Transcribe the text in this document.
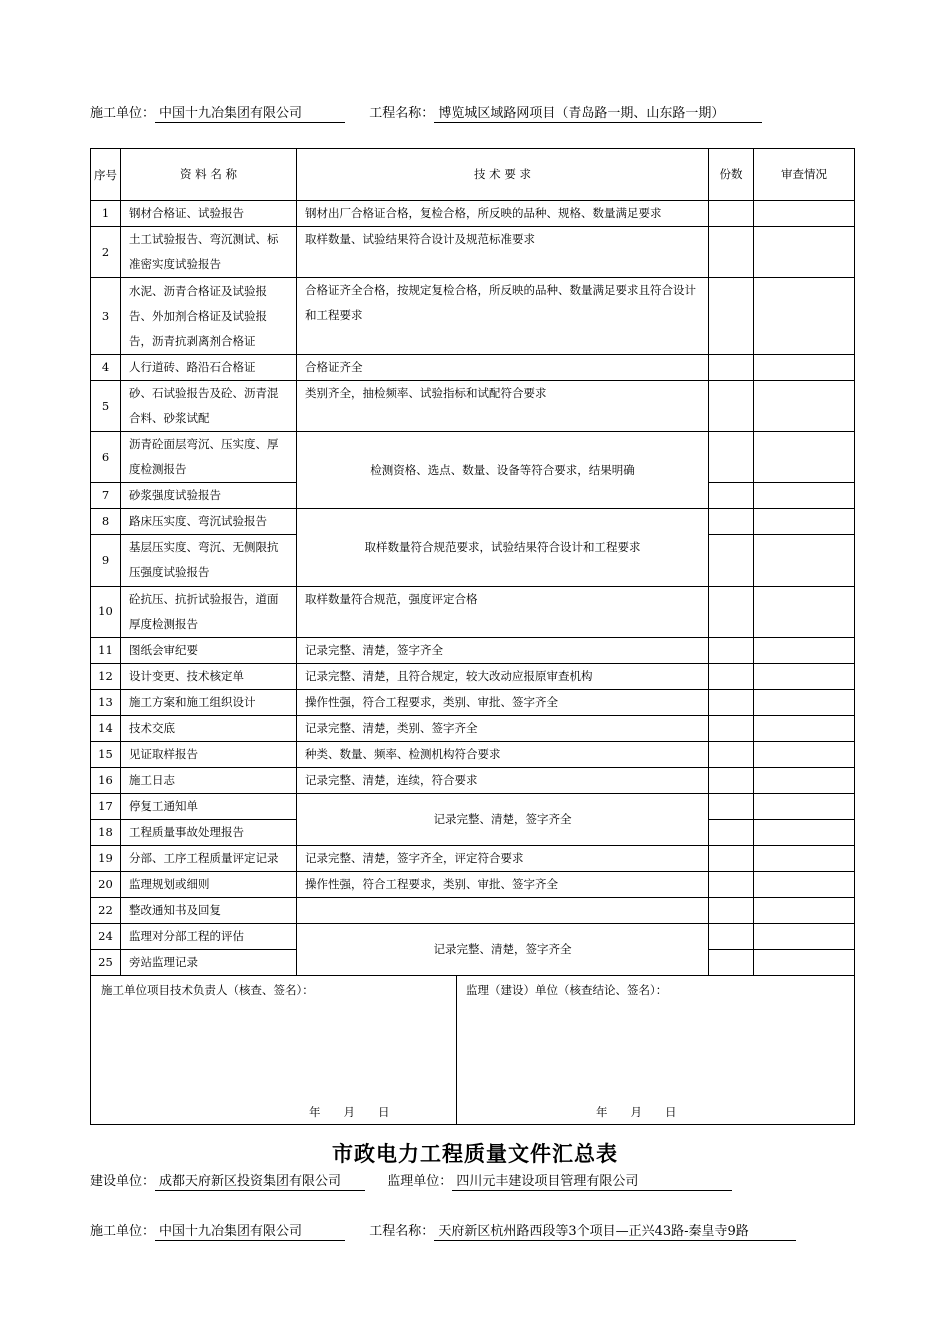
施工单位： 中国十九冶集团有限公司	工程名称： 博览城区域路网项目（青岛路一期、山东路一期）
序号	资 料 名 称	技 术 要 求	份数	审查情况
1	钢材合格证、试验报告	钢材出厂合格证合格，复检合格，所反映的品种、规格、数量满足要求		
2	土工试验报告、弯沉测试、标准密实度试验报告	取样数量、试验结果符合设计及规范标准要求		
3	水泥、沥青合格证及试验报告、外加剂合格证及试验报告，沥青抗剥离剂合格证	合格证齐全合格，按规定复检合格，所反映的品种、数量满足要求且符合设计和工程要求		
4	人行道砖、路沿石合格证	合格证齐全		
5	砂、石试验报告及砼、沥青混合料、砂浆试配	类别齐全，抽检频率、试验指标和试配符合要求		
6	沥青砼面层弯沉、压实度、厚度检测报告	检测资格、选点、数量、设备等符合要求，结果明确		
7	砂浆强度试验报告			
8	路床压实度、弯沉试验报告	取样数量符合规范要求，试验结果符合设计和工程要求		
9	基层压实度、弯沉、无侧限抗压强度试验报告			
10	砼抗压、抗折试验报告，道面厚度检测报告	取样数量符合规范，强度评定合格		
11	图纸会审纪要	记录完整、清楚，签字齐全		
12	设计变更、技术核定单	记录完整、清楚，且符合规定，较大改动应报原审查机构		
13	施工方案和施工组织设计	操作性强，符合工程要求，类别、审批、签字齐全		
14	技术交底	记录完整、清楚，类别、签字齐全		
15	见证取样报告	种类、数量、频率、检测机构符合要求		
16	施工日志	记录完整、清楚，连续，符合要求		
17	停复工通知单	记录完整、清楚，签字齐全		
18	工程质量事故处理报告			
19	分部、工序工程质量评定记录	记录完整、清楚，签字齐全，评定符合要求		
20	监理规划或细则	操作性强，符合工程要求，类别、审批、签字齐全		
22	整改通知书及回复			
24	监理对分部工程的评估	记录完整、清楚，签字齐全		
25	旁站监理记录			

施工单位项目技术负责人（核查、签名）：
年　　月　　日
监理（建设）单位（核查结论、签名）：
年　　月　　日				

市政电力工程质量文件汇总表
建设单位： 成都天府新区投资集团有限公司	监理单位： 四川元丰建设项目管理有限公司
施工单位： 中国十九冶集团有限公司	工程名称： 天府新区杭州路西段等3个项目—正兴43路-秦皇寺9路
